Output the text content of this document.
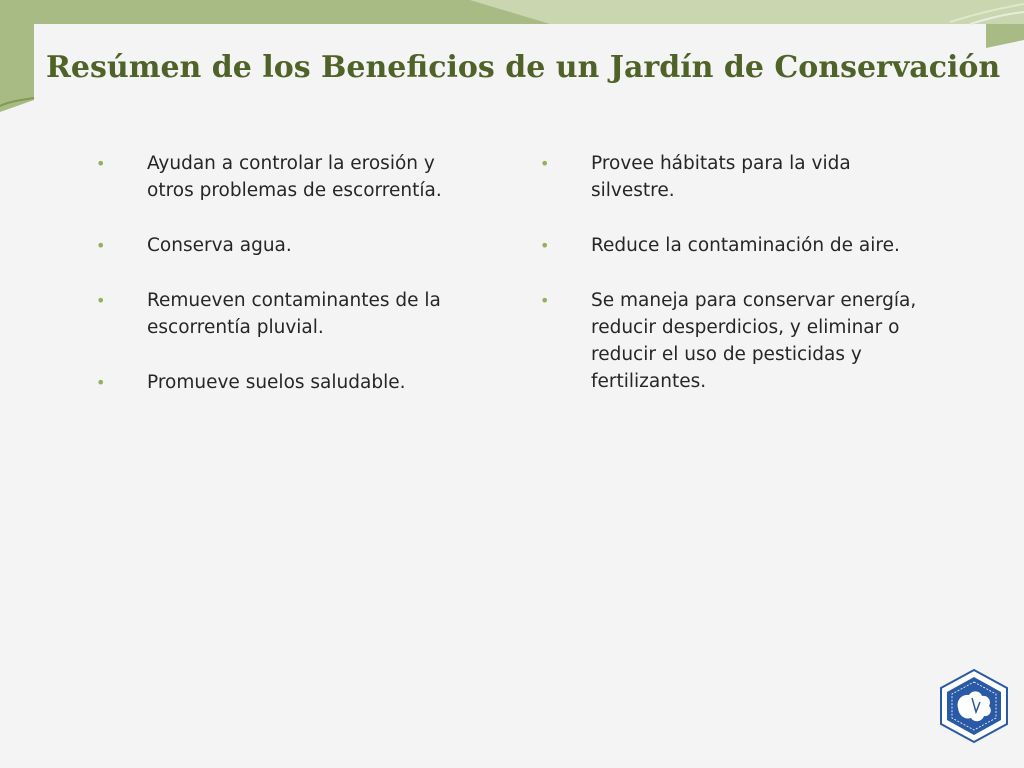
Resúmen de los Beneficios de un Jardín de Conservación
• Ayudan a controlar la erosión y otros problemas de escorrentía.
• Conserva agua.
• Remueven contaminantes de la escorrentía pluvial.
• Promueve suelos saludable.
• Provee hábitats para la vida silvestre.
• Reduce la contaminación de aire.
• Se maneja para conservar energía, reducir desperdicios, y eliminar o reducir el uso de pesticidas y fertilizantes.
